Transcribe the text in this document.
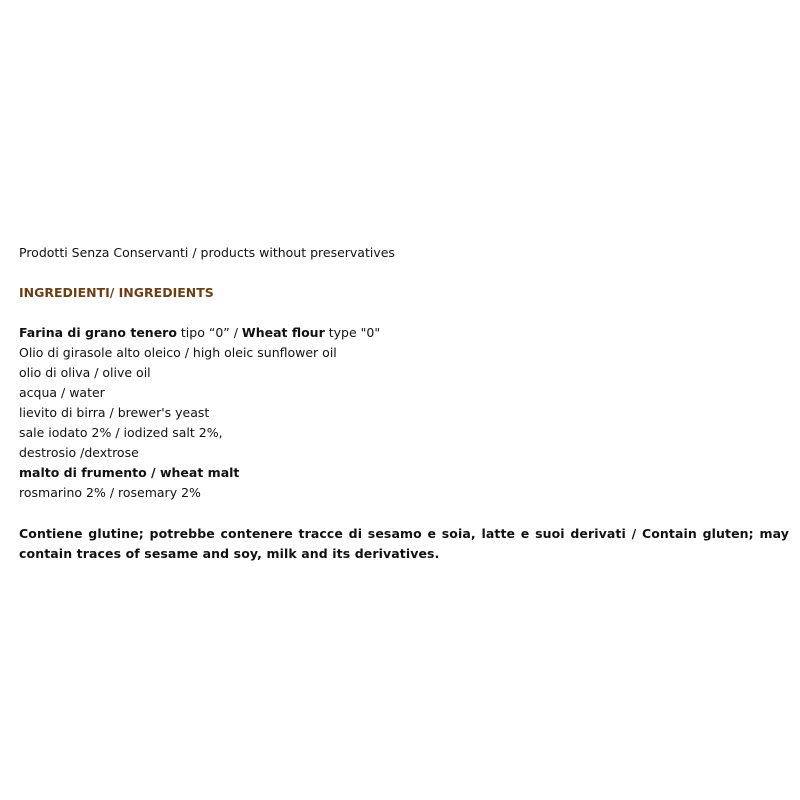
Prodotti Senza Conservanti / products without preservatives
INGREDIENTI/ INGREDIENTS
Farina di grano tenero tipo “0” / Wheat flour type "0"
Olio di girasole alto oleico / high oleic sunflower oil
olio di oliva / olive oil
acqua / water
lievito di birra / brewer's yeast
sale iodato 2% / iodized salt 2%,
destrosio /dextrose
malto di frumento / wheat malt
rosmarino 2% / rosemary 2%
Contiene glutine; potrebbe contenere tracce di sesamo e soia, latte e suoi derivati / Contain gluten; may contain traces of sesame and soy, milk and its derivatives.
